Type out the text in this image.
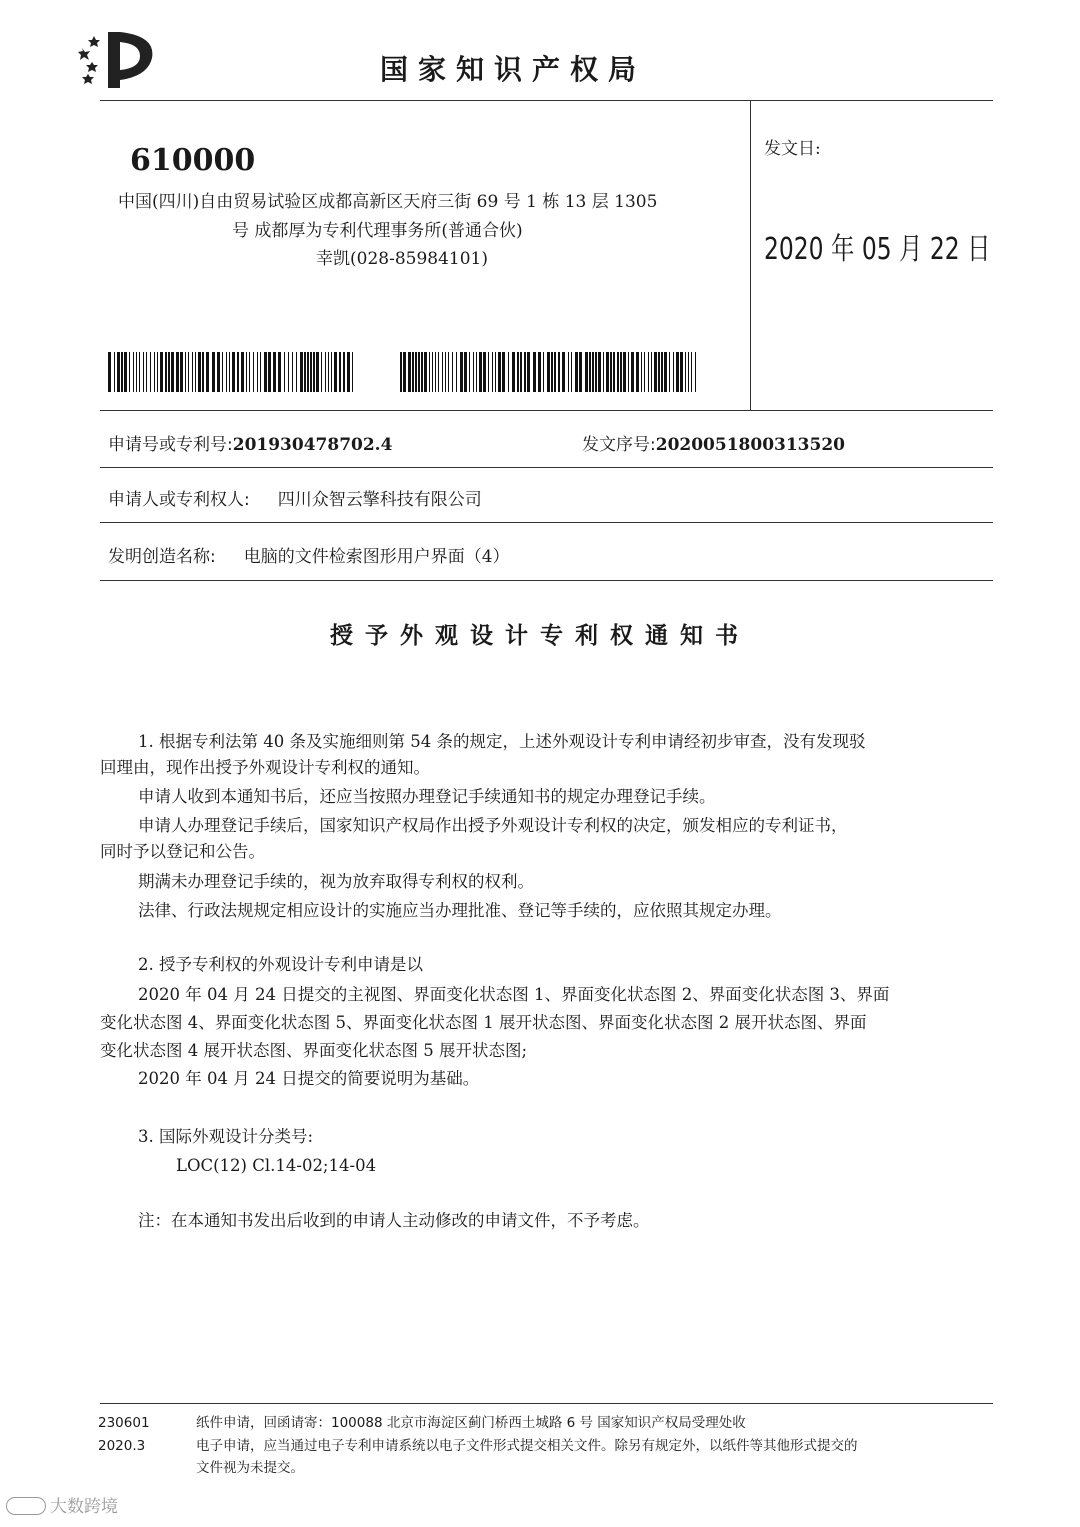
国家知识产权局
610000
中国(四川)自由贸易试验区成都高新区天府三街 69 号 1 栋 13 层 1305
号 成都厚为专利代理事务所(普通合伙)
幸凯(028-85984101)
发文日:
2020 年 05 月 22 日
申请号或专利号:201930478702.4	发文序号:2020051800313520
申请人或专利权人: 四川众智云擎科技有限公司
发明创造名称: 电脑的文件检索图形用户界面（4）
授予外观设计专利权通知书
1. 根据专利法第 40 条及实施细则第 54 条的规定，上述外观设计专利申请经初步审查，没有发现驳
回理由，现作出授予外观设计专利权的通知。
申请人收到本通知书后，还应当按照办理登记手续通知书的规定办理登记手续。
申请人办理登记手续后，国家知识产权局作出授予外观设计专利权的决定，颁发相应的专利证书，
同时予以登记和公告。
期满未办理登记手续的，视为放弃取得专利权的权利。
法律、行政法规规定相应设计的实施应当办理批准、登记等手续的，应依照其规定办理。
2. 授予专利权的外观设计专利申请是以
2020 年 04 月 24 日提交的主视图、界面变化状态图 1、界面变化状态图 2、界面变化状态图 3、界面
变化状态图 4、界面变化状态图 5、界面变化状态图 1 展开状态图、界面变化状态图 2 展开状态图、界面
变化状态图 4 展开状态图、界面变化状态图 5 展开状态图;
2020 年 04 月 24 日提交的简要说明为基础。
3. 国际外观设计分类号:
LOC(12) Cl.14-02;14-04
注：在本通知书发出后收到的申请人主动修改的申请文件，不予考虑。
230601
2020.3
纸件申请，回函请寄：100088 北京市海淀区蓟门桥西土城路 6 号 国家知识产权局受理处收
电子申请，应当通过电子专利申请系统以电子文件形式提交相关文件。除另有规定外，以纸件等其他形式提交的
文件视为未提交。
大数跨境
